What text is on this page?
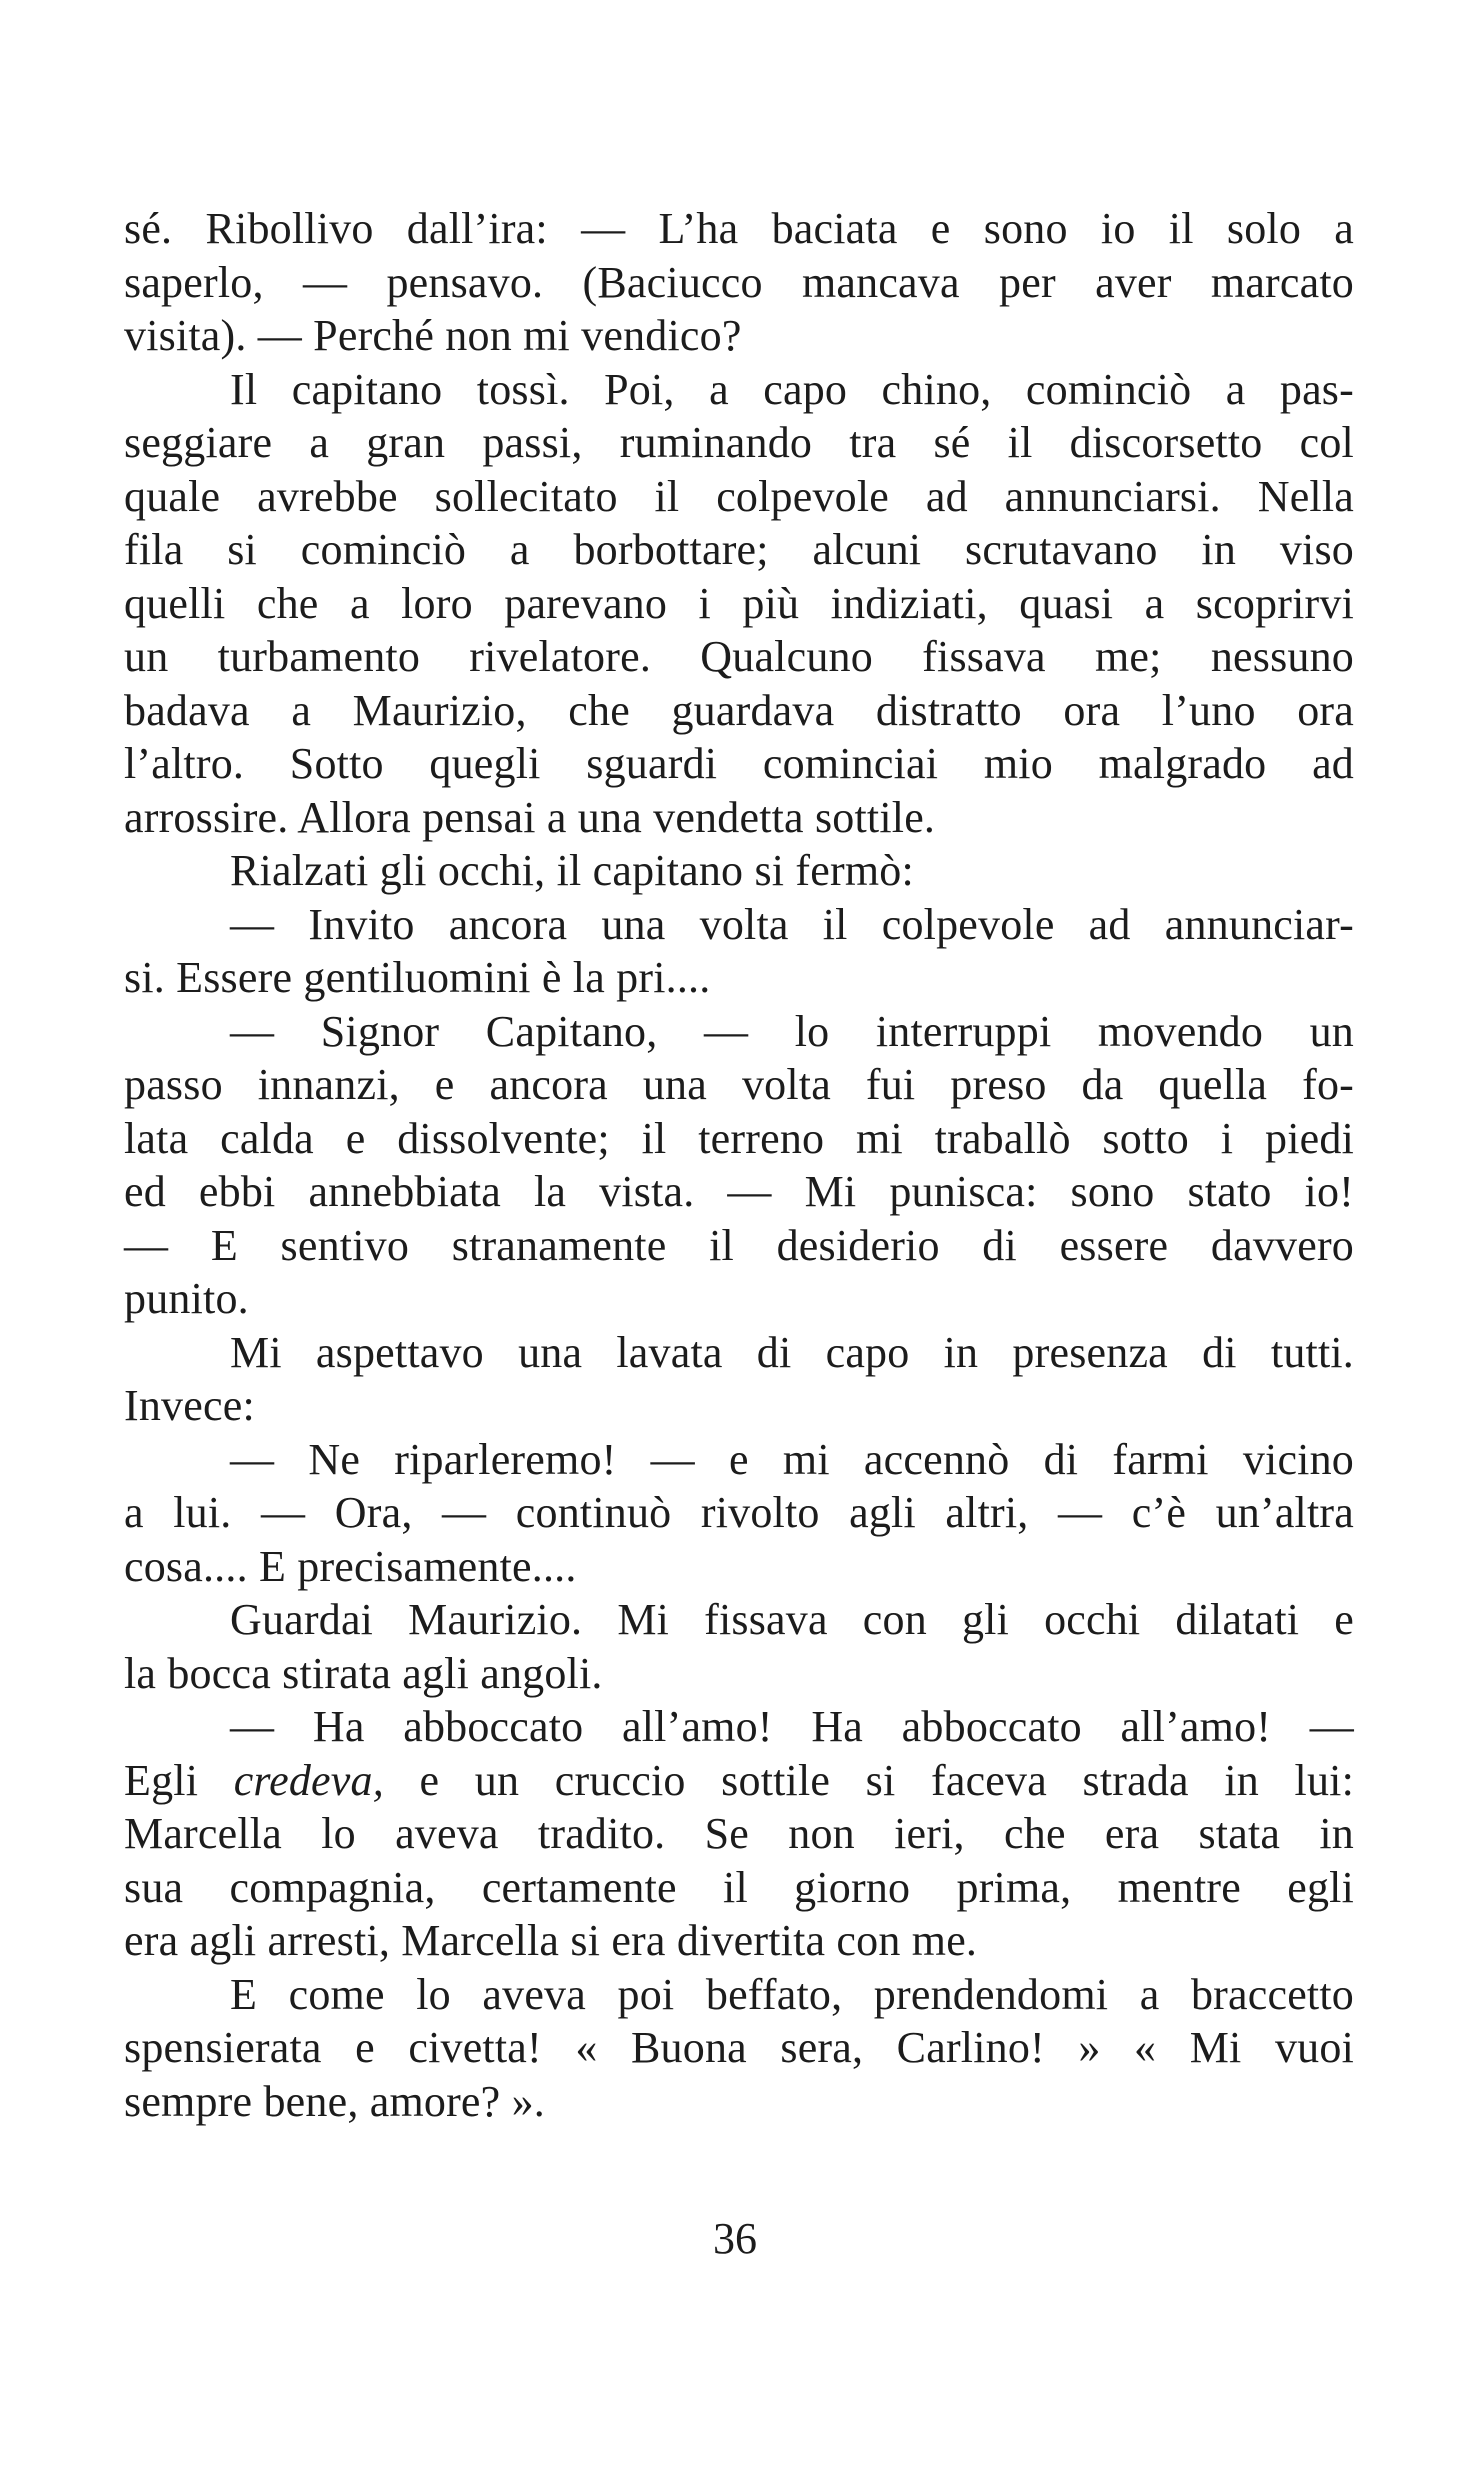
sé. Ribollivo dall’ira: — L’ha baciata e sono io il solo a
saperlo, — pensavo. (Baciucco mancava per aver marcato
visita). — Perché non mi vendico?
Il capitano tossì. Poi, a capo chino, cominciò a pas-
seggiare a gran passi, ruminando tra sé il discorsetto col
quale avrebbe sollecitato il colpevole ad annunciarsi. Nella
fila si cominciò a borbottare; alcuni scrutavano in viso
quelli che a loro parevano i più indiziati, quasi a scoprirvi
un turbamento rivelatore. Qualcuno fissava me; nessuno
badava a Maurizio, che guardava distratto ora l’uno ora
l’altro. Sotto quegli sguardi cominciai mio malgrado ad
arrossire. Allora pensai a una vendetta sottile.
Rialzati gli occhi, il capitano si fermò:
— Invito ancora una volta il colpevole ad annunciar-
si. Essere gentiluomini è la pri....
— Signor Capitano, — lo interruppi movendo un
passo innanzi, e ancora una volta fui preso da quella fo-
lata calda e dissolvente; il terreno mi traballò sotto i piedi
ed ebbi annebbiata la vista. — Mi punisca: sono stato io!
— E sentivo stranamente il desiderio di essere davvero
punito.
Mi aspettavo una lavata di capo in presenza di tutti.
Invece:
— Ne riparleremo! — e mi accennò di farmi vicino
a lui. — Ora, — continuò rivolto agli altri, — c’è un’altra
cosa.... E precisamente....
Guardai Maurizio. Mi fissava con gli occhi dilatati e
la bocca stirata agli angoli.
— Ha abboccato all’amo! Ha abboccato all’amo! —
Egli credeva, e un cruccio sottile si faceva strada in lui:
Marcella lo aveva tradito. Se non ieri, che era stata in
sua compagnia, certamente il giorno prima, mentre egli
era agli arresti, Marcella si era divertita con me.
E come lo aveva poi beffato, prendendomi a braccetto
spensierata e civetta! « Buona sera, Carlino! » « Mi vuoi
sempre bene, amore? ».
36
